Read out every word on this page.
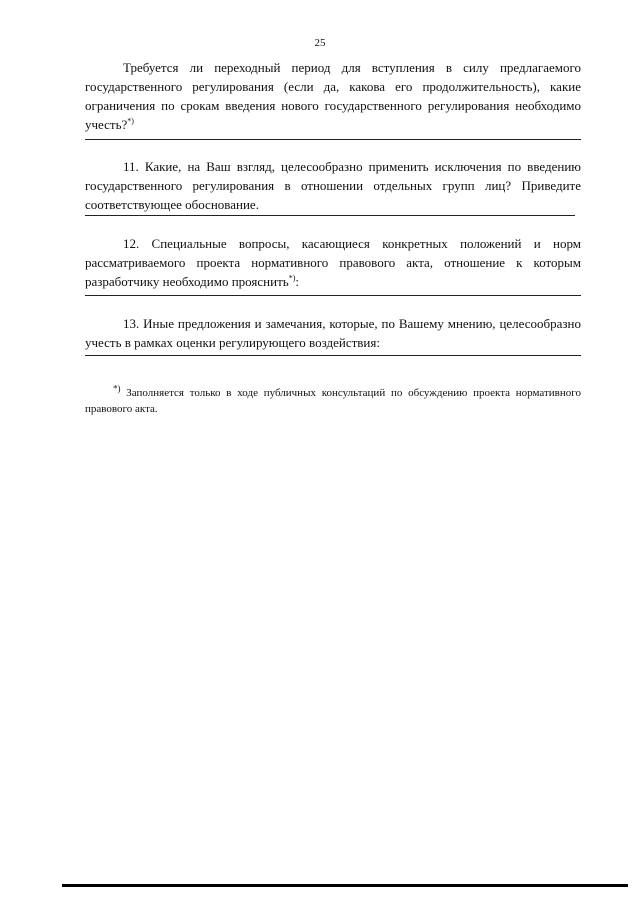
25
Требуется ли переходный период для вступления в силу предлагаемого государственного регулирования (если да, какова его продолжительность), какие ограничения по срокам введения нового государственного регулирования необходимо учесть?*)
11. Какие, на Ваш взгляд, целесообразно применить исключения по введению государственного регулирования в отношении отдельных групп лиц? Приведите соответствующее обоснование.
12. Специальные вопросы, касающиеся конкретных положений и норм рассматриваемого проекта нормативного правового акта, отношение к которым разработчику необходимо прояснить*):
13. Иные предложения и замечания, которые, по Вашему мнению, целесообразно учесть в рамках оценки регулирующего воздействия:
*) Заполняется только в ходе публичных консультаций по обсуждению проекта нормативного правового акта.
